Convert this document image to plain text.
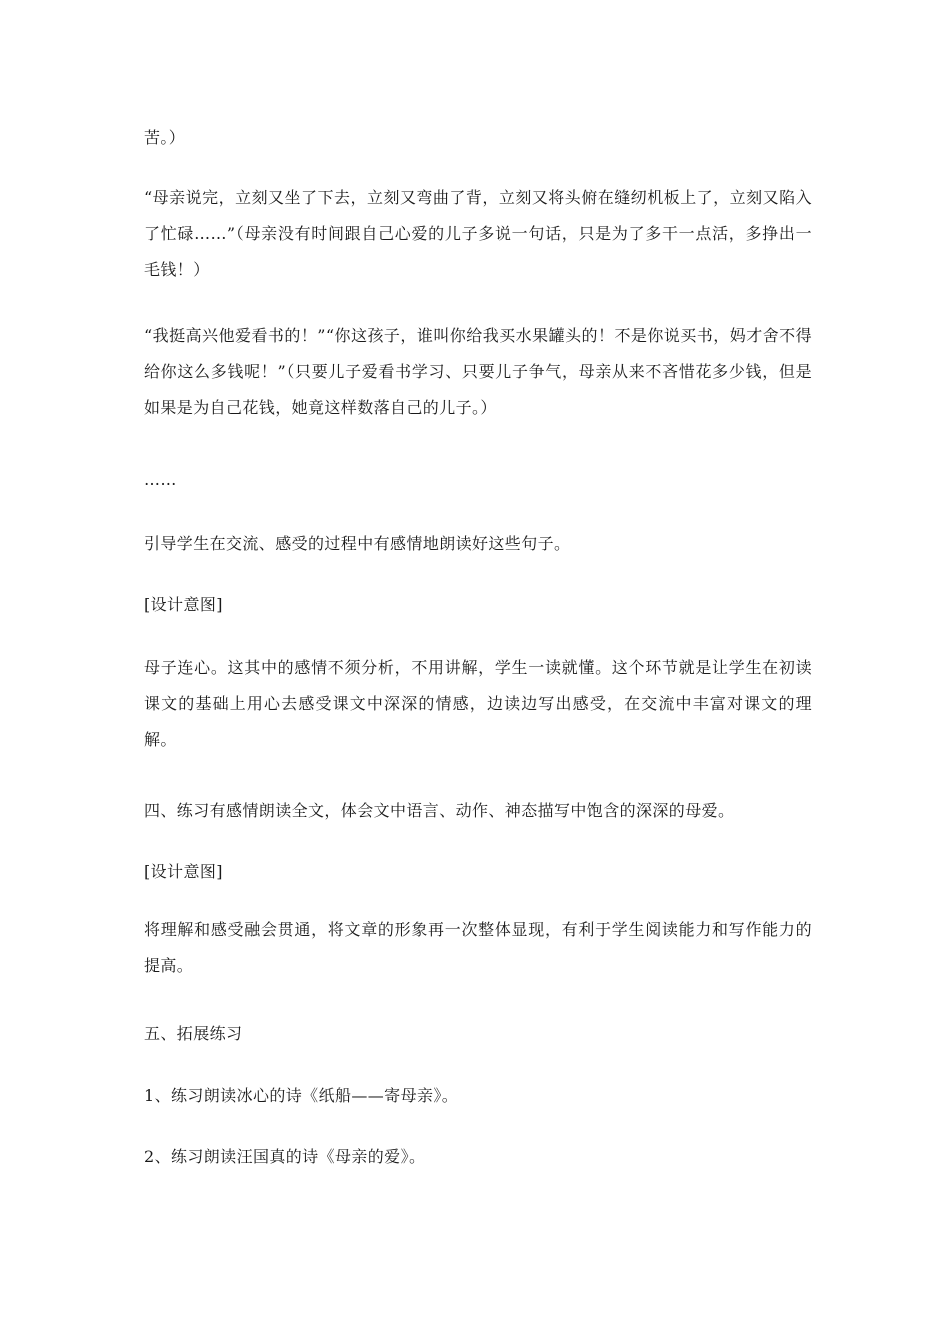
苦。）

“母亲说完，立刻又坐了下去，立刻又弯曲了背，立刻又将头俯在缝纫机板上了，立刻又陷入了忙碌……”（母亲没有时间跟自己心爱的儿子多说一句话，只是为了多干一点活，多挣出一毛钱！）

“我挺高兴他爱看书的！”“你这孩子，谁叫你给我买水果罐头的！不是你说买书，妈才舍不得给你这么多钱呢！”（只要儿子爱看书学习、只要儿子争气，母亲从来不吝惜花多少钱，但是如果是为自己花钱，她竟这样数落自己的儿子。）

……

引导学生在交流、感受的过程中有感情地朗读好这些句子。

[设计意图]

母子连心。这其中的感情不须分析，不用讲解，学生一读就懂。这个环节就是让学生在初读课文的基础上用心去感受课文中深深的情感，边读边写出感受，在交流中丰富对课文的理解。

四、练习有感情朗读全文，体会文中语言、动作、神态描写中饱含的深深的母爱。

[设计意图]

将理解和感受融会贯通，将文章的形象再一次整体显现，有利于学生阅读能力和写作能力的提高。

五、拓展练习

1、练习朗读冰心的诗《纸船——寄母亲》。

2、练习朗读汪国真的诗《母亲的爱》。
